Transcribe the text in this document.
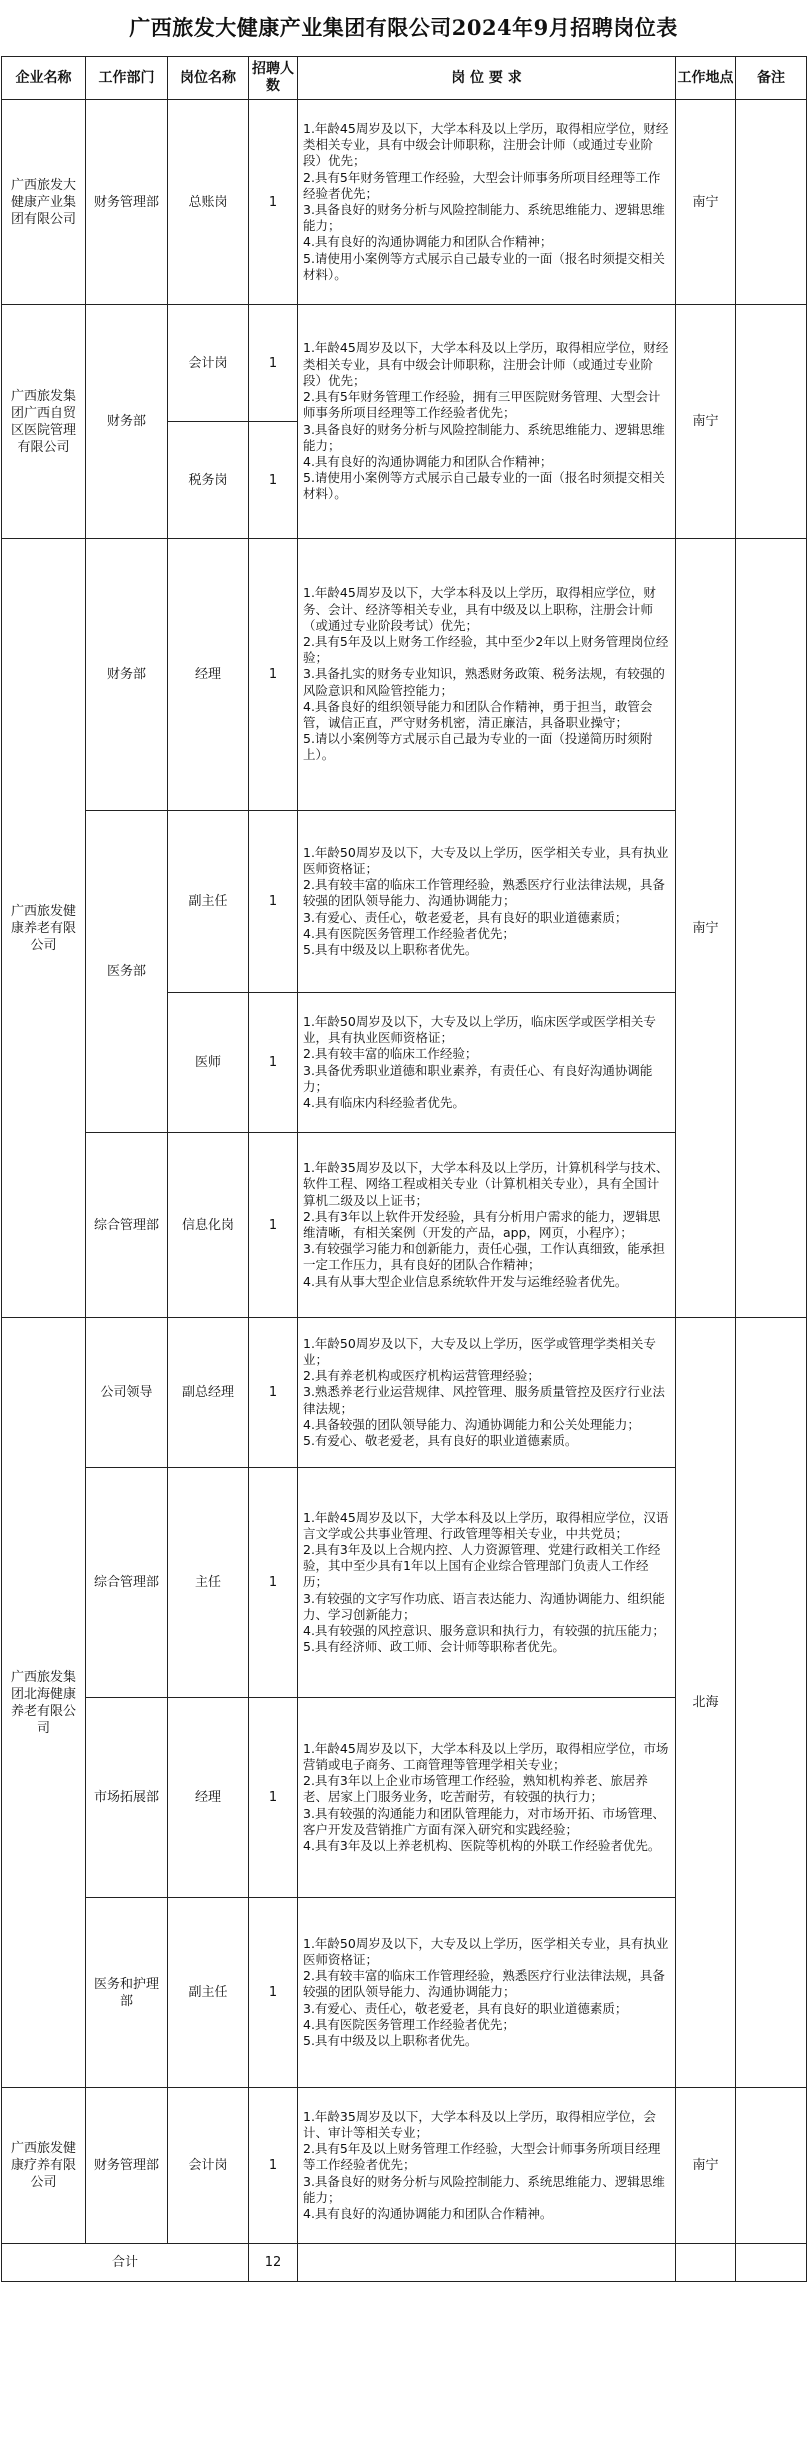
广西旅发大健康产业集团有限公司2024年9月招聘岗位表
企业名称	工作部门	岗位名称	招聘人数	岗 位 要 求	工作地点	备注
广西旅发大健康产业集团有限公司	财务管理部	总账岗	1	1.年龄45周岁及以下，大学本科及以上学历，取得相应学位，财经类相关专业，具有中级会计师职称，注册会计师（或通过专业阶段）优先；
2.具有5年财务管理工作经验，大型会计师事务所项目经理等工作经验者优先；
3.具备良好的财务分析与风险控制能力、系统思维能力、逻辑思维能力；
4.具有良好的沟通协调能力和团队合作精神；
5.请使用小案例等方式展示自己最专业的一面（报名时须提交相关材料）。	南宁	
广西旅发集团广西自贸区医院管理有限公司	财务部	会计岗	1	1.年龄45周岁及以下，大学本科及以上学历，取得相应学位，财经类相关专业，具有中级会计师职称，注册会计师（或通过专业阶段）优先；
2.具有5年财务管理工作经验，拥有三甲医院财务管理、大型会计师事务所项目经理等工作经验者优先；
3.具备良好的财务分析与风险控制能力、系统思维能力、逻辑思维能力；
4.具有良好的沟通协调能力和团队合作精神；
5.请使用小案例等方式展示自己最专业的一面（报名时须提交相关材料）。	南宁	
		税务岗	1			
广西旅发健康养老有限公司	财务部	经理	1	1.年龄45周岁及以下，大学本科及以上学历，取得相应学位，财务、会计、经济等相关专业，具有中级及以上职称，注册会计师（或通过专业阶段考试）优先；
2.具有5年及以上财务工作经验，其中至少2年以上财务管理岗位经验；
3.具备扎实的财务专业知识，熟悉财务政策、税务法规，有较强的风险意识和风险管控能力；
4.具备良好的组织领导能力和团队合作精神，勇于担当，敢管会管，诚信正直，严守财务机密，清正廉洁，具备职业操守；
5.请以小案例等方式展示自己最为专业的一面（投递简历时须附上）。	南宁	
	医务部	副主任	1	1.年龄50周岁及以下，大专及以上学历，医学相关专业，具有执业医师资格证；
2.具有较丰富的临床工作管理经验，熟悉医疗行业法律法规，具备较强的团队领导能力、沟通协调能力；
3.有爱心、责任心，敬老爱老，具有良好的职业道德素质；
4.具有医院医务管理工作经验者优先；
5.具有中级及以上职称者优先。		

		医师	1	1.年龄50周岁及以下，大专及以上学历，临床医学或医学相关专业，具有执业医师资格证；
2.具有较丰富的临床工作经验；
3.具备优秀职业道德和职业素养，有责任心、有良好沟通协调能力；
4.具有临床内科经验者优先。		

	综合管理部	信息化岗	1	1.年龄35周岁及以下，大学本科及以上学历，计算机科学与技术、软件工程、网络工程或相关专业（计算机相关专业），具有全国计算机二级及以上证书；
2.具有3年以上软件开发经验，具有分析用户需求的能力，逻辑思维清晰，有相关案例（开发的产品，app，网页，小程序）；
3.有较强学习能力和创新能力，责任心强，工作认真细致，能承担一定工作压力，具有良好的团队合作精神；
4.具有从事大型企业信息系统软件开发与运维经验者优先。		

广西旅发集团北海健康养老有限公司	公司领导	副总经理	1	1.年龄50周岁及以下，大专及以上学历，医学或管理学类相关专业；
2.具有养老机构或医疗机构运营管理经验；
3.熟悉养老行业运营规律、风控管理、服务质量管控及医疗行业法律法规；
4.具备较强的团队领导能力、沟通协调能力和公关处理能力；
5.有爱心、敬老爱老，具有良好的职业道德素质。	北海	
	综合管理部	主任	1	1.年龄45周岁及以下，大学本科及以上学历，取得相应学位，汉语言文学或公共事业管理、行政管理等相关专业，中共党员；
2.具有3年及以上合规内控、人力资源管理、党建行政相关工作经验，其中至少具有1年以上国有企业综合管理部门负责人工作经历；
3.有较强的文字写作功底、语言表达能力、沟通协调能力、组织能力、学习创新能力；
4.具有较强的风控意识、服务意识和执行力，有较强的抗压能力；
5.具有经济师、政工师、会计师等职称者优先。		

	市场拓展部	经理	1	1.年龄45周岁及以下，大学本科及以上学历，取得相应学位，市场营销或电子商务、工商管理等管理学相关专业；
2.具有3年以上企业市场管理工作经验，熟知机构养老、旅居养老、居家上门服务业务，吃苦耐劳，有较强的执行力；
3.具有较强的沟通能力和团队管理能力，对市场开拓、市场管理、客户开发及营销推广方面有深入研究和实践经验；
4.具有3年及以上养老机构、医院等机构的外联工作经验者优先。		

	医务和护理部	副主任	1	1.年龄50周岁及以下，大专及以上学历，医学相关专业，具有执业医师资格证；
2.具有较丰富的临床工作管理经验，熟悉医疗行业法律法规，具备较强的团队领导能力、沟通协调能力；
3.有爱心、责任心，敬老爱老，具有良好的职业道德素质；
4.具有医院医务管理工作经验者优先；
5.具有中级及以上职称者优先。		

广西旅发健康疗养有限公司	财务管理部	会计岗	1	1.年龄35周岁及以下，大学本科及以上学历，取得相应学位，会计、审计等相关专业；
2.具有5年及以上财务管理工作经验，大型会计师事务所项目经理等工作经验者优先；
3.具备良好的财务分析与风险控制能力、系统思维能力、逻辑思维能力；
4.具有良好的沟通协调能力和团队合作精神。	南宁	
合计			12			
